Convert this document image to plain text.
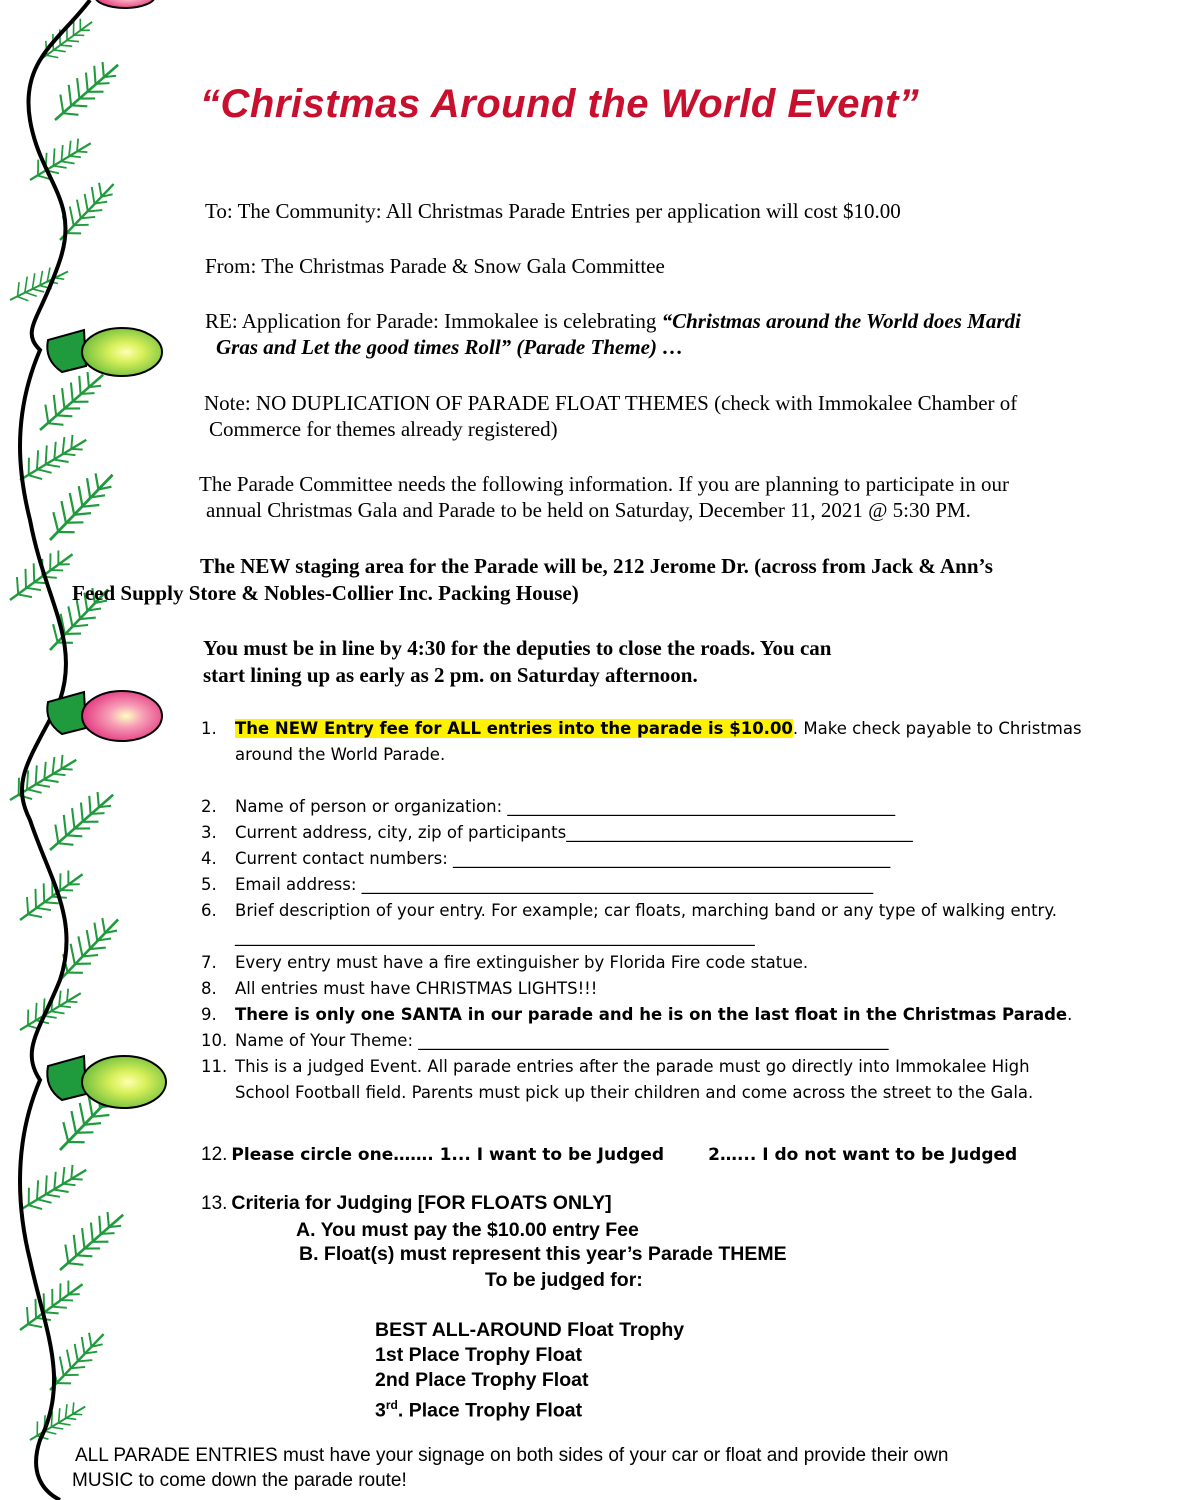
“Christmas Around the World Event”
To: The Community: All Christmas Parade Entries per application will cost $10.00
From: The Christmas Parade & Snow Gala Committee
RE: Application for Parade: Immokalee is celebrating “Christmas around the World does Mardi
Gras and Let the good times Roll” (Parade Theme) …
Note: NO DUPLICATION OF PARADE FLOAT THEMES (check with Immokalee Chamber of
Commerce for themes already registered)
The Parade Committee needs the following information. If you are planning to participate in our
annual Christmas Gala and Parade to be held on Saturday, December 11, 2021 @ 5:30 PM.
The NEW staging area for the Parade will be, 212 Jerome Dr. (across from Jack & Ann’s
Feed Supply Store & Nobles-Collier Inc. Packing House)
You must be in line by 4:30 for the deputies to close the roads. You can
start lining up as early as 2 pm. on Saturday afternoon.
1. The NEW Entry fee for ALL entries into the parade is $10.00. Make check payable to Christmas
around the World Parade.
2. Name of person or organization: _______________________________________________
3. Current address, city, zip of participants__________________________________________
4. Current contact numbers: _____________________________________________________
5. Email address: ______________________________________________________________
6. Brief description of your entry. For example; car floats, marching band or any type of walking entry.
_______________________________________________________________
7. Every entry must have a fire extinguisher by Florida Fire code statue.
8. All entries must have CHRISTMAS LIGHTS!!!
9. There is only one SANTA in our parade and he is on the last float in the Christmas Parade.
10. Name of Your Theme: _________________________________________________________
11. This is a judged Event. All parade entries after the parade must go directly into Immokalee High
School Football field. Parents must pick up their children and come across the street to the Gala.
12. Please circle one……. 1... I want to be Judged	2…... I do not want to be Judged
13. Criteria for Judging [FOR FLOATS ONLY]
A. You must pay the $10.00 entry Fee
B. Float(s) must represent this year’s Parade THEME
To be judged for:
BEST ALL-AROUND Float Trophy
1st Place Trophy Float
2nd Place Trophy Float
3rd. Place Trophy Float
ALL PARADE ENTRIES must have your signage on both sides of your car or float and provide their own
MUSIC to come down the parade route!
